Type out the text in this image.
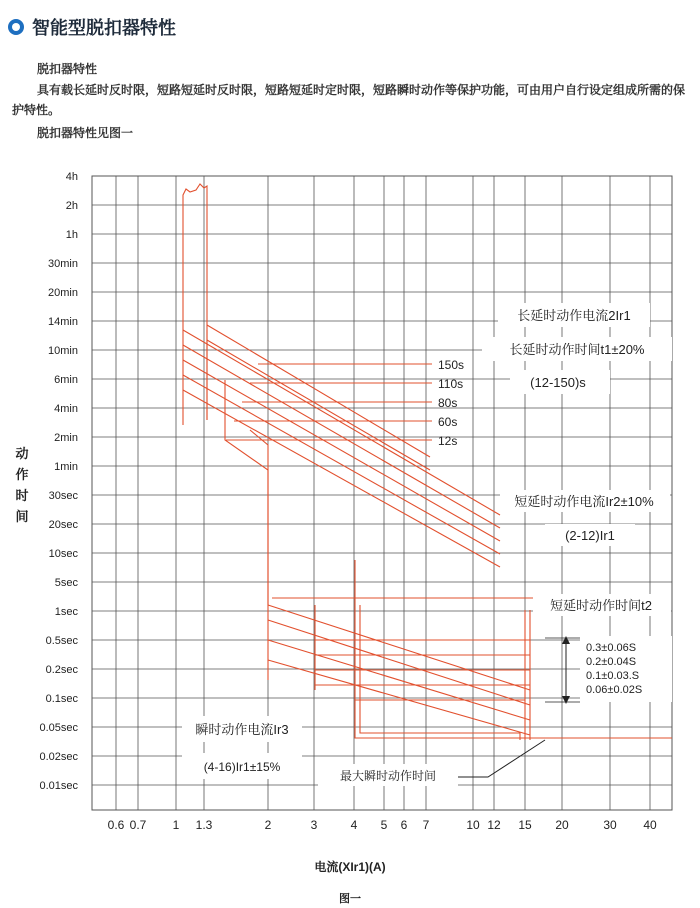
智能型脱扣器特性
脱扣器特性
具有载长延时反时限，短路短延时反时限，短路短延时定时限，短路瞬时动作等保护功能，可由用户自行设定组成所需的保护特性。
脱扣器特性见图一
4h
2h
1h
30min
20min
14min
10min
6min
4min
2min
1min
30sec
20sec
10sec
5sec
1sec
0.5sec
0.2sec
0.1sec
0.05sec
0.02sec
0.01sec
0.6 0.7 1 1.3	2	3	4 5 6 7	10 12 15 20	30 40
150s
110s
80s
60s
12s
长延时动作电流2Ir1
长延时动作时间t1±20%
(12-150)s
短延时动作电流Ir2±10%
(2-12)Ir1
短延时动作时间t2
0.3±0.06S
0.2±0.04S
0.1±0.03.S
0.06±0.02S
瞬时动作电流Ir3
(4-16)Ir1±15%
最大瞬时动作时间
动
作
时
间
电流(XIr1)(A)
图一
